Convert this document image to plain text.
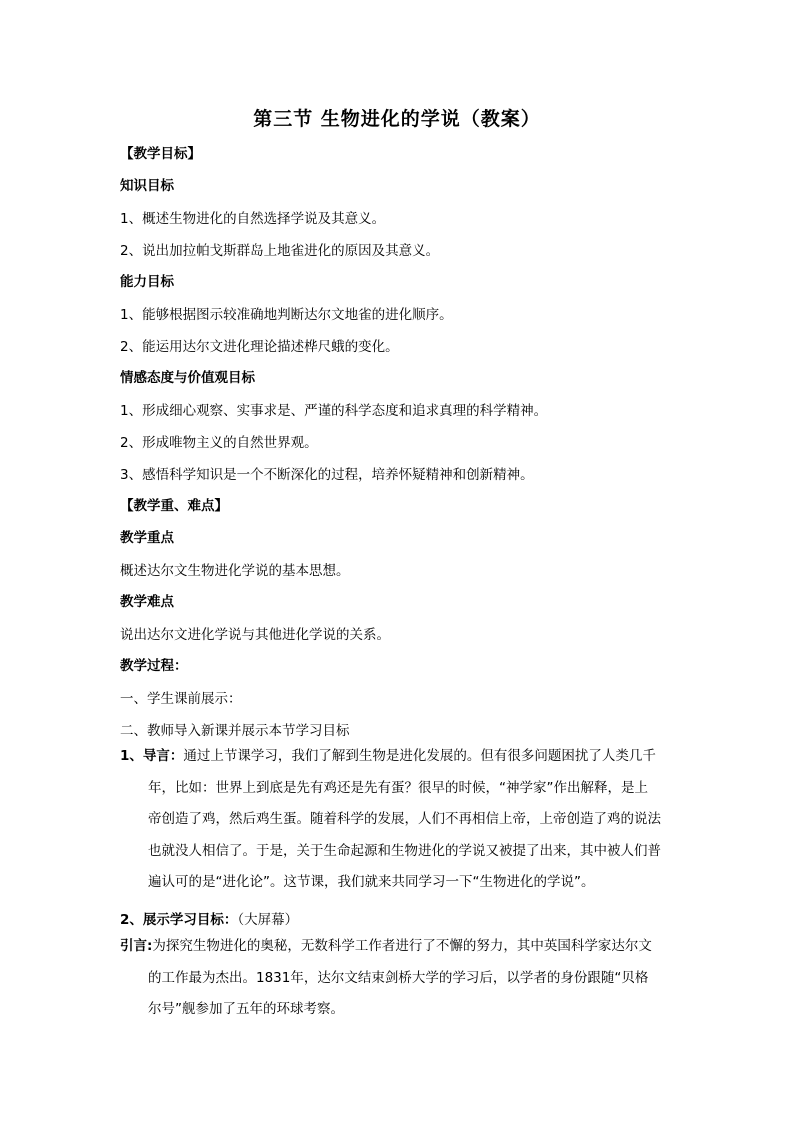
第三节 生物进化的学说（教案）
【教学目标】
知识目标
1、概述生物进化的自然选择学说及其意义。
2、说出加拉帕戈斯群岛上地雀进化的原因及其意义。
能力目标
1、能够根据图示较准确地判断达尔文地雀的进化顺序。
2、能运用达尔文进化理论描述桦尺蛾的变化。
情感态度与价值观目标
1、形成细心观察、实事求是、严谨的科学态度和追求真理的科学精神。
2、形成唯物主义的自然世界观。
3、感悟科学知识是一个不断深化的过程，培养怀疑精神和创新精神。
【教学重、难点】
教学重点
概述达尔文生物进化学说的基本思想。
教学难点
说出达尔文进化学说与其他进化学说的关系。
教学过程：
一、学生课前展示：
二、教师导入新课并展示本节学习目标
1、导言：通过上节课学习，我们了解到生物是进化发展的。但有很多问题困扰了人类几千
年，比如：世界上到底是先有鸡还是先有蛋？很早的时候，“神学家”作出解释，是上
帝创造了鸡，然后鸡生蛋。随着科学的发展，人们不再相信上帝，上帝创造了鸡的说法
也就没人相信了。于是，关于生命起源和生物进化的学说又被提了出来，其中被人们普
遍认可的是“进化论”。这节课，我们就来共同学习一下“生物进化的学说”。
2、展示学习目标：（大屏幕）
引言:为探究生物进化的奥秘，无数科学工作者进行了不懈的努力，其中英国科学家达尔文
的工作最为杰出。1831年，达尔文结束剑桥大学的学习后，以学者的身份跟随“贝格
尔号”舰参加了五年的环球考察。
